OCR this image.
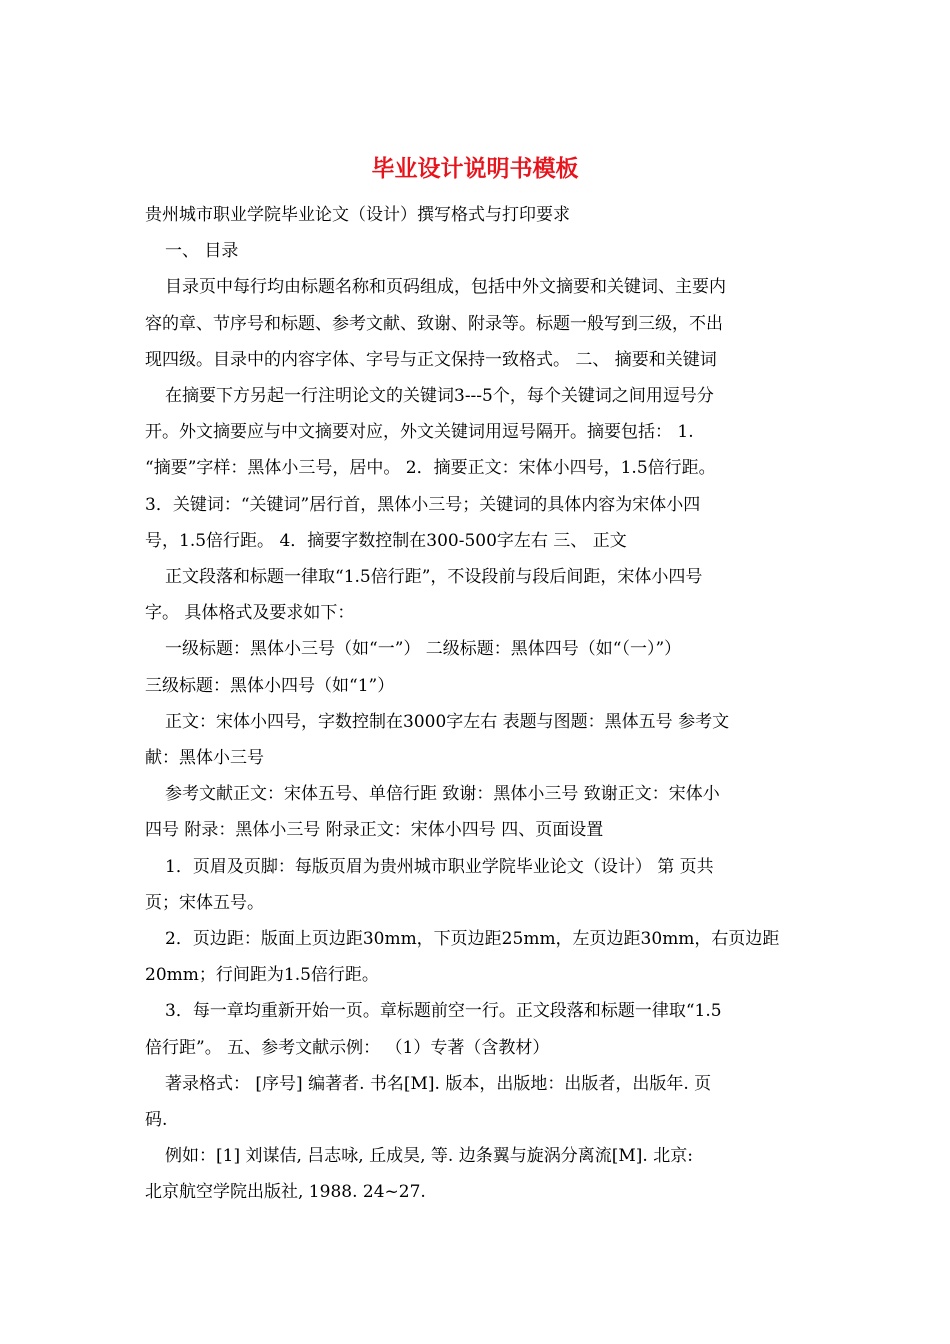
毕业设计说明书模板

贵州城市职业学院毕业论文（设计）撰写格式与打印要求

一、 目录

目录页中每行均由标题名称和页码组成，包括中外文摘要和关键词、主要内

容的章、节序号和标题、参考文献、致谢、附录等。标题一般写到三级，不出

现四级。目录中的内容字体、字号与正文保持一致格式。 二、 摘要和关键词

在摘要下方另起一行注明论文的关键词3---5个，每个关键词之间用逗号分

开。外文摘要应与中文摘要对应，外文关键词用逗号隔开。摘要包括： 1.

“摘要”字样：黑体小三号，居中。 2．摘要正文：宋体小四号，1.5倍行距。

3．关键词：“关键词”居行首，黑体小三号；关键词的具体内容为宋体小四

号，1.5倍行距。 4．摘要字数控制在300-500字左右 三、 正文

正文段落和标题一律取“1.5倍行距”，不设段前与段后间距，宋体小四号

字。 具体格式及要求如下：

一级标题：黑体小三号（如“一”） 二级标题：黑体四号（如“（一）”）

三级标题：黑体小四号（如“1”）

正文：宋体小四号，字数控制在3000字左右 表题与图题：黑体五号 参考文

献：黑体小三号

参考文献正文：宋体五号、单倍行距 致谢：黑体小三号 致谢正文：宋体小

四号 附录：黑体小三号 附录正文：宋体小四号 四、页面设置

1．页眉及页脚：每版页眉为贵州城市职业学院毕业论文（设计） 第 页共

页；宋体五号。

2．页边距：版面上页边距30mm，下页边距25mm，左页边距30mm，右页边距

20mm；行间距为1.5倍行距。

3．每一章均重新开始一页。章标题前空一行。正文段落和标题一律取“1.5

倍行距”。 五、参考文献示例： （1）专著（含教材）

著录格式： [序号] 编著者. 书名[M]. 版本，出版地：出版者，出版年. 页

码.

例如：[1] 刘谋佶, 吕志咏, 丘成昊, 等. 边条翼与旋涡分离流[M]. 北京:

北京航空学院出版社, 1988. 24~27.
